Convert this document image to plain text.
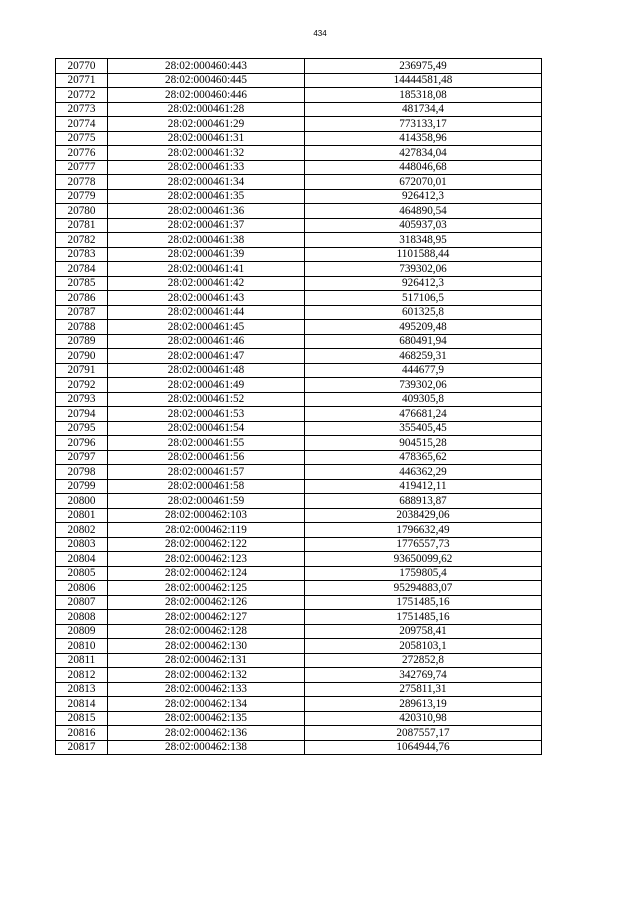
434
20770	28:02:000460:443	236975,49
20771	28:02:000460:445	14444581,48
20772	28:02:000460:446	185318,08
20773	28:02:000461:28	481734,4
20774	28:02:000461:29	773133,17
20775	28:02:000461:31	414358,96
20776	28:02:000461:32	427834,04
20777	28:02:000461:33	448046,68
20778	28:02:000461:34	672070,01
20779	28:02:000461:35	926412,3
20780	28:02:000461:36	464890,54
20781	28:02:000461:37	405937,03
20782	28:02:000461:38	318348,95
20783	28:02:000461:39	1101588,44
20784	28:02:000461:41	739302,06
20785	28:02:000461:42	926412,3
20786	28:02:000461:43	517106,5
20787	28:02:000461:44	601325,8
20788	28:02:000461:45	495209,48
20789	28:02:000461:46	680491,94
20790	28:02:000461:47	468259,31
20791	28:02:000461:48	444677,9
20792	28:02:000461:49	739302,06
20793	28:02:000461:52	409305,8
20794	28:02:000461:53	476681,24
20795	28:02:000461:54	355405,45
20796	28:02:000461:55	904515,28
20797	28:02:000461:56	478365,62
20798	28:02:000461:57	446362,29
20799	28:02:000461:58	419412,11
20800	28:02:000461:59	688913,87
20801	28:02:000462:103	2038429,06
20802	28:02:000462:119	1796632,49
20803	28:02:000462:122	1776557,73
20804	28:02:000462:123	93650099,62
20805	28:02:000462:124	1759805,4
20806	28:02:000462:125	95294883,07
20807	28:02:000462:126	1751485,16
20808	28:02:000462:127	1751485,16
20809	28:02:000462:128	209758,41
20810	28:02:000462:130	2058103,1
20811	28:02:000462:131	272852,8
20812	28:02:000462:132	342769,74
20813	28:02:000462:133	275811,31
20814	28:02:000462:134	289613,19
20815	28:02:000462:135	420310,98
20816	28:02:000462:136	2087557,17
20817	28:02:000462:138	1064944,76
